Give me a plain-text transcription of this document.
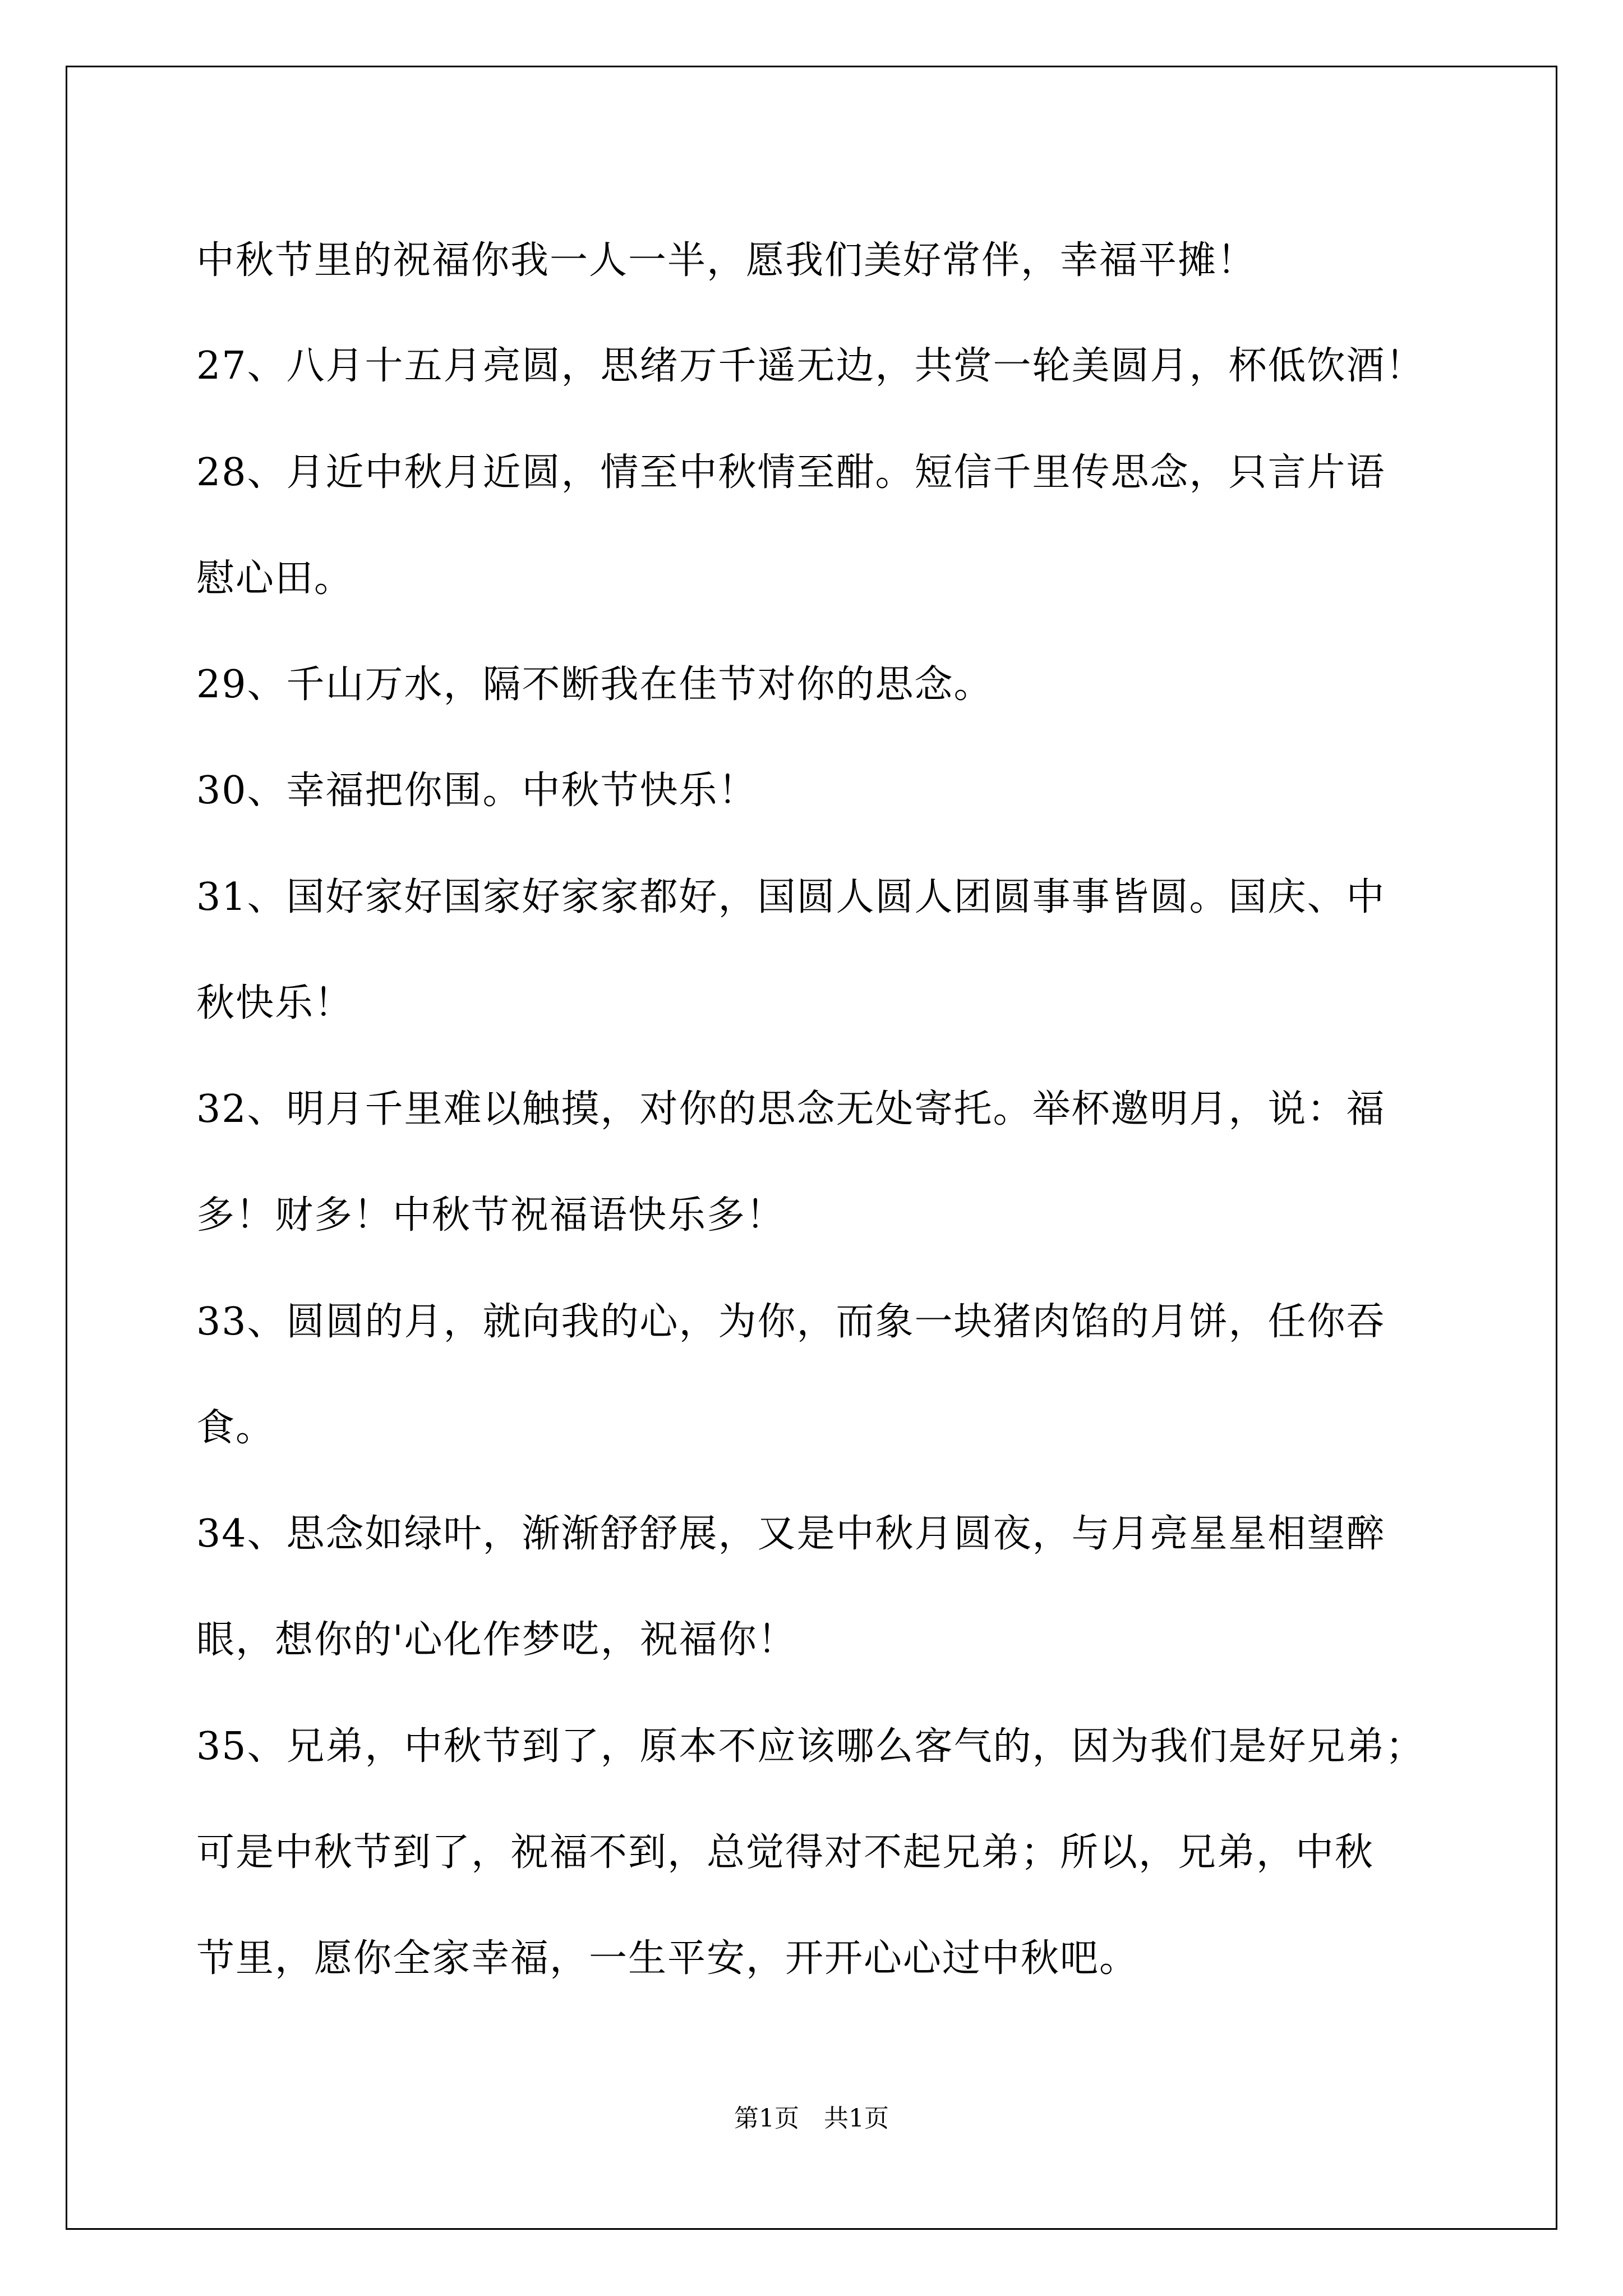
中秋节里的祝福你我一人一半，愿我们美好常伴，幸福平摊！
27、八月十五月亮圆，思绪万千遥无边，共赏一轮美圆月，杯低饮酒！
28、月近中秋月近圆，情至中秋情至酣。短信千里传思念，只言片语
慰心田。
29、千山万水，隔不断我在佳节对你的思念。
30、幸福把你围。中秋节快乐！
31、国好家好国家好家家都好，国圆人圆人团圆事事皆圆。国庆、中
秋快乐！
32、明月千里难以触摸，对你的思念无处寄托。举杯邀明月，说：福
多！财多！中秋节祝福语快乐多！
33、圆圆的月，就向我的心，为你，而象一块猪肉馅的月饼，任你吞
食。
34、思念如绿叶，渐渐舒舒展，又是中秋月圆夜，与月亮星星相望醉
眼，想你的'心化作梦呓，祝福你！
35、兄弟，中秋节到了，原本不应该哪么客气的，因为我们是好兄弟；
可是中秋节到了，祝福不到，总觉得对不起兄弟；所以，兄弟，中秋
节里，愿你全家幸福，一生平安，开开心心过中秋吧。
第1页　共1页
